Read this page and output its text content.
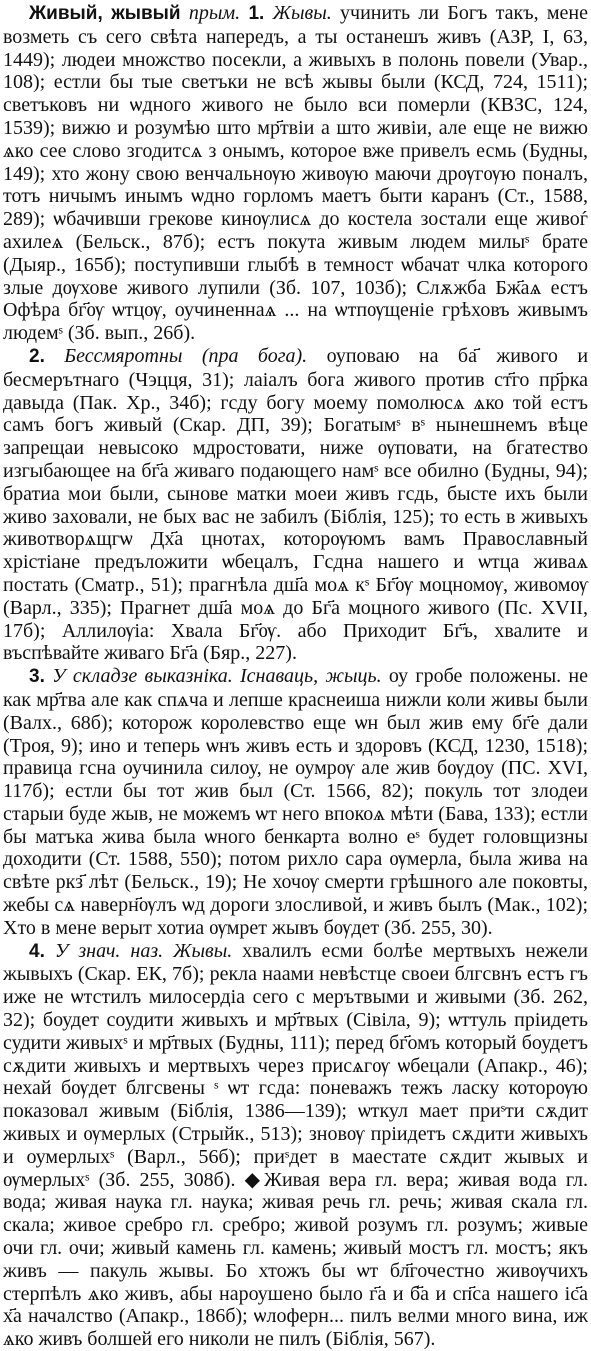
Живый, жывый прым. 1. Жывы. учинить ли Богъ такъ, мене возметь съ сего свѣта напередъ, а ты останешъ живъ (АЗР, I, 63, 1449); людеи множство посекли, а живыхъ в полонь повели (Увар., 108); естли бы тые светъки не всѣ жывы были (КСД, 724, 1511); светъковъ ни ѡдного живого не было вси померли (КВЗС, 124, 1539); вижю и розумѣю што мр҃твіи а што живіи, але еще не вижю ѧко сее слово згодитсѧ з онымъ, которое вже привелъ есмь (Будны, 149); хто жону свою венчальнѹю живѹю маючи дрѹгѹю поналъ, тотъ ничымъ инымъ ѡдно горломъ маетъ быти каранъ (Ст., 1588, 289); ѡбачивши грекове кинѹлисѧ до костела зостали еще живоѓ ахилеѧ (Бельск., 87б); естъ покута живым людем милыˢ брате (Дыяр., 165б); поступивши глыбѣ в темност ѡбачат члка которого злые дѹхове живого лупили (Зб. 107, 103б); Слѫжба Бж҃аѧ естъ Офѣра бг҃ѹ ѡтцѹ, оучиненнаѧ ... на ѡтпѹщеніе грѣховъ живымъ людемˢ (Зб. вып., 26б).

2. Бессмяротны (пра бога). оуповаю на ба҃ живого и бесмерътнаго (Чэцця, 31); лаіалъ бога живого против ст҃го пр҃рка давыда (Пак. Хр., 34б); гсду богу моему помолюсѧ ѧко той естъ самъ богъ живый (Скар. ДП, 39); Богатымˢ вˢ нынешнемъ вѣце запрещаи невысоко мдростовати, ниже ѹповати, на бгатество изгыбающее на бг҃а живаго подающего намˢ все обилно (Будны, 94); братиа мои были, сынове матки моеи живъ гсдь, бысте ихъ были живо заховали, не быx вас не забилъ (Біблія, 125); то есть в живыхъ животворѧщгѡ Дх҃а цнотах, которѹюмъ вамъ Православный хрістіане предъложити ѡбецалъ, Гсдна нашего и ѡтца живаѧ постать (Сматр., 51); прагнѣла дш҃а моѧ кˢ Бг҃ѹ моцномѹ, живомѹ (Варл., 335); Прагнет дш҃а моѧ до Бг҃а моцного живого (Пс. XVII, 17б); Аллилѹіа: Хвала Бг҃ѹ. або Приходит Бг҃ъ, хвалите и въспѣвайте живаго Бг҃а (Бяр., 227).

3. У складзе выказніка. Існаваць, жыць. оу гробе положены. не как мр҃тва але как спѧча и лепше краснеиша нижли коли живы были (Валх., 68б); которож королевство еще ѡн был жив ему бг҃е дали (Троя, 9); ино и теперь ѡнъ живъ есть и здоровъ (КСД, 1230, 1518); правица гсна оучинила силоу, не оумрѹ але жив бѹдоу (ПС. XVI, 117б); естли бы тот жив был (Ст. 1566, 82); покуль тот злодеи старыи буде жыв, не можемъ ѡт него впокоѧ мѣти (Бава, 133); естли бы матъка жива была ѡного бенкарта волно еˢ будет головщизны доходити (Ст. 1588, 550); потом рихло сара ѹмерла, была жива на свѣте ркз҃ лѣт (Бельск., 19); Не хочѹ смерти грѣшного але поковты, жебы сѧ наверн҃ѹлъ ѡд дороги злосливой, и живъ былъ (Мак., 102); Хто в мене верыт хотиа ѹмрет жывъ бѹдет (Зб. 255, 30).

4. У знач. наз. Жывы. хвалилъ есми болѣе мертвыхъ нежели жывыхъ (Скар. ЕК, 7б); рекла наами невѣстце своеи блгсвнъ естъ гъ иже не ѡтстилъ милосердіа сего с мерътвыми и живыми (Зб. 262, 32); боудет соудити живыхъ и мр҃твых (Сівіла, 9); ѡттуль прiидеть судити живыхˢ и мр҃твых (Будны, 111); перед бг҃омъ который боудетъ сѫдити живыхъ и мертвыхъ через присѧгѹ ѡбецали (Апакр., 46); нехай бѹдет блгсвены ˢ ѡт гсда: поневажъ тежъ ласку которѹю показовал живым (Біблія, 1386—139); ѡткул мает приˢти сѫдит живых и ѹмерлых (Стрыйк., 513); зновѹ прiидетъ сѫдити живыхъ и оумерлыхˢ (Варл., 56б); приˢдет в маестате сѫдит жывых и ѹмерлыхˢ (Зб. 255, 308б). ◆Живая вера гл. вера; живая вода гл. вода; живая наука гл. наука; живая речь гл. речь; живая скала гл. скала; живое сребро гл. сребро; живой розумъ гл. розумъ; живые очи гл. очи; живый камень гл. камень; живый мостъ гл. мостъ; якъ живъ — пакуль жывы. Бо хтожъ бы ѡт бл҃гочестно живѹчихъ стерпѣлъ ѧко живъ, абы нароушено было г҃а и б҃а и сп҃са нашего іс҃а х҃а началство (Апакр., 186б); ѡлоферн... пилъ велми много вина, иж ѧко живъ болшей его николи не пилъ (Біблія, 567).
